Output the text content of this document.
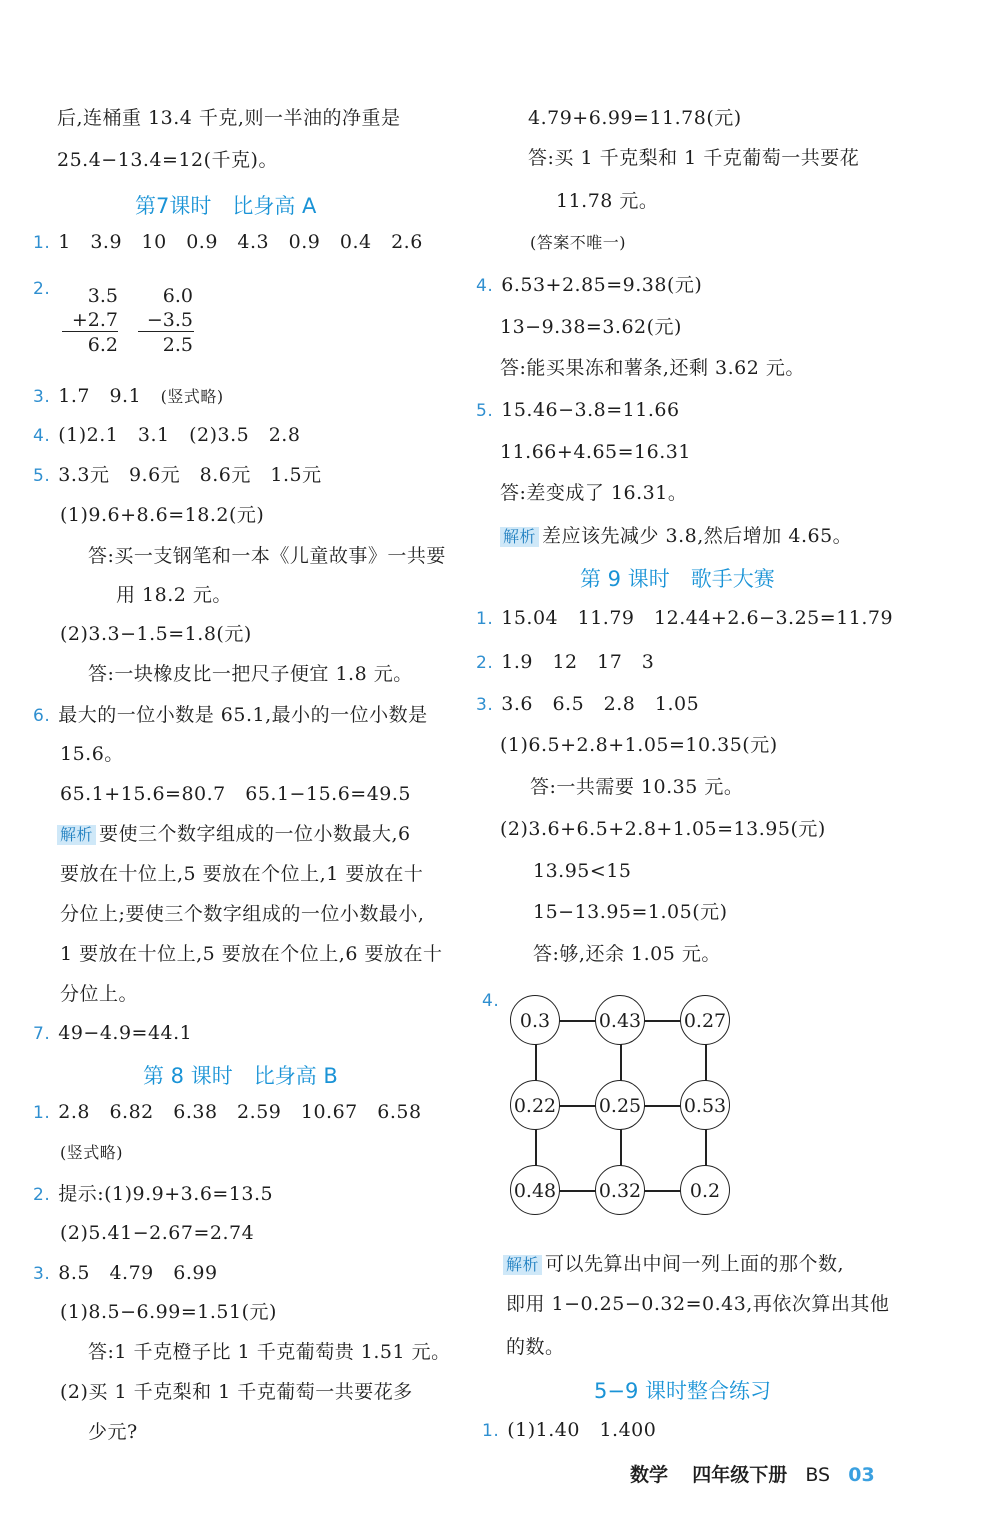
后,连桶重 13.4 千克,则一半油的净重是
25.4−13.4=12(千克)。
第7课时　比身高 A
1. 1　3.9　10　0.9　4.3　0.9　0.4　2.6
2.	3.5
+2.7
6.2
6.0
−3.5
2.5
3. 1.7　9.1　(竖式略)
4. (1)2.1　3.1　(2)3.5　2.8
5. 3.3元　9.6元　8.6元　1.5元
(1)9.6+8.6=18.2(元)
答:买一支钢笔和一本《儿童故事》一共要
用 18.2 元。
(2)3.3−1.5=1.8(元)
答:一块橡皮比一把尺子便宜 1.8 元。
6. 最大的一位小数是 65.1,最小的一位小数是
15.6。
65.1+15.6=80.7　65.1−15.6=49.5
解析 要使三个数字组成的一位小数最大,6
要放在十位上,5 要放在个位上,1 要放在十
分位上;要使三个数字组成的一位小数最小,
1 要放在十位上,5 要放在个位上,6 要放在十
分位上。
7. 49−4.9=44.1
第 8 课时　比身高 B
1. 2.8　6.82　6.38　2.59　10.67　6.58
(竖式略)
2. 提示:(1)9.9+3.6=13.5
(2)5.41−2.67=2.74
3. 8.5　4.79　6.99
(1)8.5−6.99=1.51(元)
答:1 千克橙子比 1 千克葡萄贵 1.51 元。
(2)买 1 千克梨和 1 千克葡萄一共要花多
少元?
4.79+6.99=11.78(元)
答:买 1 千克梨和 1 千克葡萄一共要花
11.78 元。
(答案不唯一)
4. 6.53+2.85=9.38(元)
13−9.38=3.62(元)
答:能买果冻和薯条,还剩 3.62 元。
5. 15.46−3.8=11.66
11.66+4.65=16.31
答:差变成了 16.31。
解析 差应该先减少 3.8,然后增加 4.65。
第 9 课时　歌手大赛
1. 15.04　11.79　12.44+2.6−3.25=11.79
2. 1.9　12　17　3
3. 3.6　6.5　2.8　1.05
(1)6.5+2.8+1.05=10.35(元)
答:一共需要 10.35 元。
(2)3.6+6.5+2.8+1.05=13.95(元)
13.95<15
15−13.95=1.05(元)
答:够,还余 1.05 元。
4.
0.3	0.43 0.27
0.22 0.25 0.53
0.48 0.32	0.2
解析 可以先算出中间一列上面的那个数,
即用 1−0.25−0.32=0.43,再依次算出其他
的数。
5−9 课时整合练习
1. (1)1.40　1.400
数学 四年级下册 BS 03
